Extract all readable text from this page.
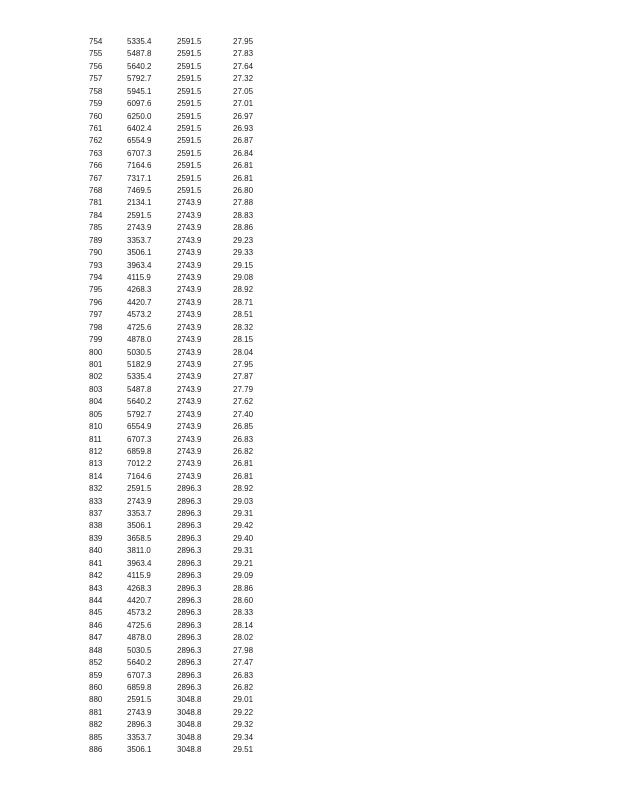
754	5335.4	2591.5	27.95
755	5487.8	2591.5	27.83
756	5640.2	2591.5	27.64
757	5792.7	2591.5	27.32
758	5945.1	2591.5	27.05
759	6097.6	2591.5	27.01
760	6250.0	2591.5	26.97
761	6402.4	2591.5	26.93
762	6554.9	2591.5	26.87
763	6707.3	2591.5	26.84
766	7164.6	2591.5	26.81
767	7317.1	2591.5	26.81
768	7469.5	2591.5	26.80
781	2134.1	2743.9	27.88
784	2591.5	2743.9	28.83
785	2743.9	2743.9	28.86
789	3353.7	2743.9	29.23
790	3506.1	2743.9	29.33
793	3963.4	2743.9	29.15
794	4115.9	2743.9	29.08
795	4268.3	2743.9	28.92
796	4420.7	2743.9	28.71
797	4573.2	2743.9	28.51
798	4725.6	2743.9	28.32
799	4878.0	2743.9	28.15
800	5030.5	2743.9	28.04
801	5182.9	2743.9	27.95
802	5335.4	2743.9	27.87
803	5487.8	2743.9	27.79
804	5640.2	2743.9	27.62
805	5792.7	2743.9	27.40
810	6554.9	2743.9	26.85
811	6707.3	2743.9	26.83
812	6859.8	2743.9	26.82
813	7012.2	2743.9	26.81
814	7164.6	2743.9	26.81
832	2591.5	2896.3	28.92
833	2743.9	2896.3	29.03
837	3353.7	2896.3	29.31
838	3506.1	2896.3	29.42
839	3658.5	2896.3	29.40
840	3811.0	2896.3	29.31
841	3963.4	2896.3	29.21
842	4115.9	2896.3	29.09
843	4268.3	2896.3	28.86
844	4420.7	2896.3	28.60
845	4573.2	2896.3	28.33
846	4725.6	2896.3	28.14
847	4878.0	2896.3	28.02
848	5030.5	2896.3	27.98
852	5640.2	2896.3	27.47
859	6707.3	2896.3	26.83
860	6859.8	2896.3	26.82
880	2591.5	3048.8	29.01
881	2743.9	3048.8	29.22
882	2896.3	3048.8	29.32
885	3353.7	3048.8	29.34
886	3506.1	3048.8	29.51
